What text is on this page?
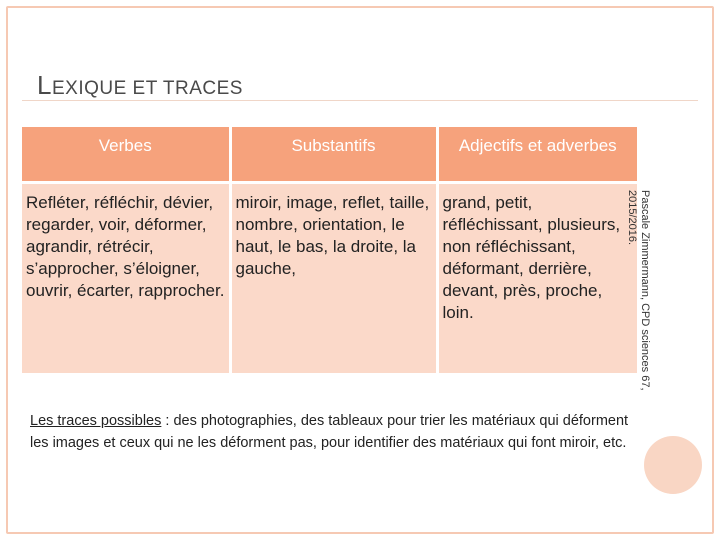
LEXIQUE ET TRACES
Verbes	Substantifs	Adjectifs et adverbes
Refléter, réfléchir, dévier, regarder, voir, déformer, agrandir, rétrécir, s’approcher, s’éloigner, ouvrir, écarter, rapprocher.	miroir, image, reflet, taille, nombre, orientation, le haut, le bas, la droite, la gauche,	grand, petit, réfléchissant, plusieurs, non réfléchissant, déformant, derrière, devant, près, proche, loin.
Les traces possibles : des photographies, des tableaux pour trier les matériaux qui déforment les images et ceux qui ne les déforment pas, pour identifier des matériaux qui font miroir, etc.
Pascale Zimmermann, CPD sciences 67,
2015/2016.
